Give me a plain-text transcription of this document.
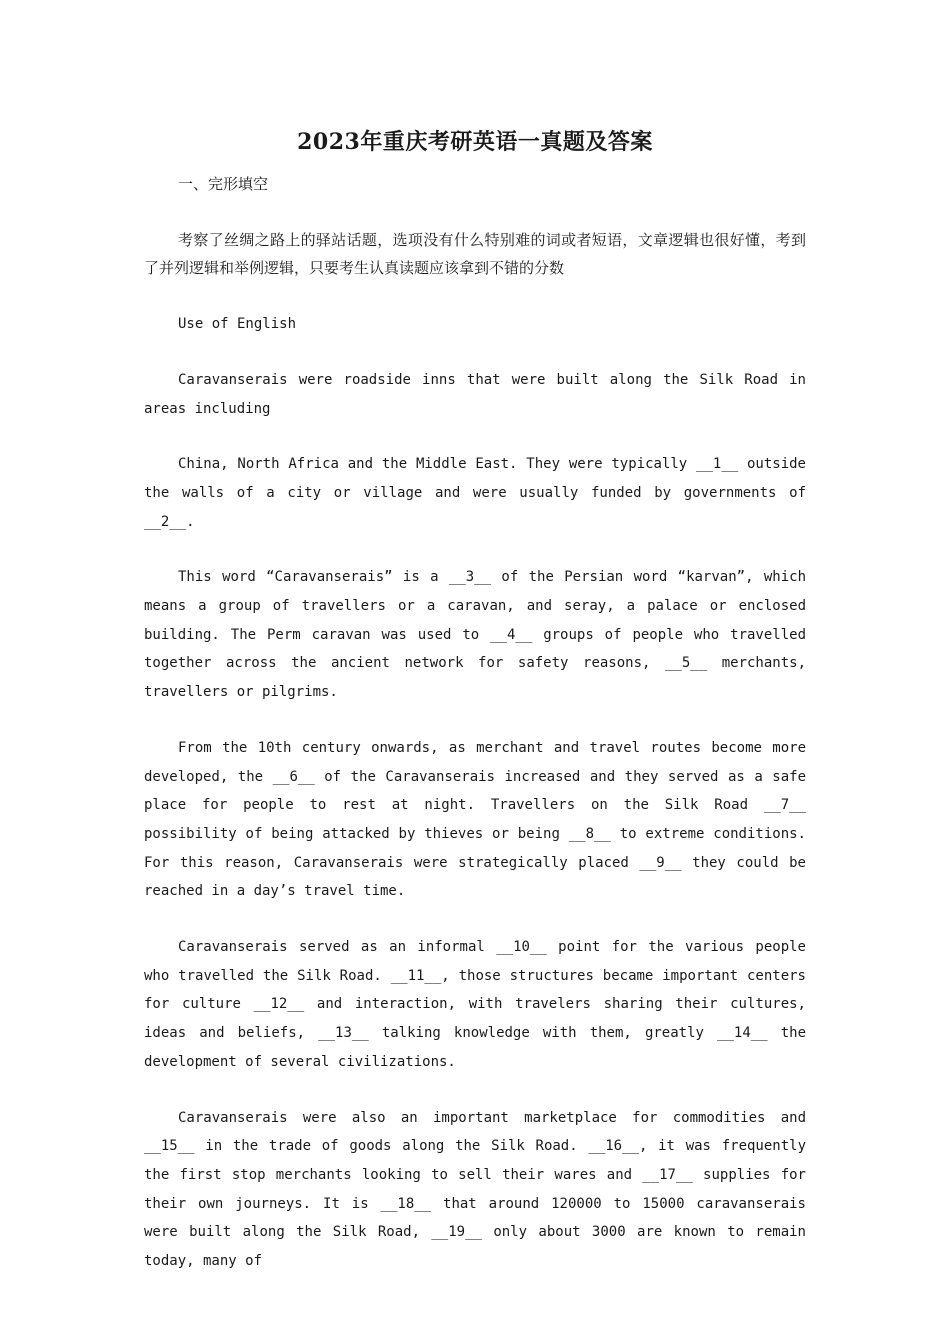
2023年重庆考研英语一真题及答案

一、完形填空

考察了丝绸之路上的驿站话题，选项没有什么特别难的词或者短语，文章逻辑也很好懂，考到了并列逻辑和举例逻辑，只要考生认真读题应该拿到不错的分数

Use of English

Caravanserais were roadside inns that were built along the Silk Road in areas including

China, North Africa and the Middle East. They were typically __1__ outside the walls of a city or village and were usually funded by governments of __2__.

This word “Caravanserais” is a __3__ of the Persian word “karvan”, which means a group of travellers or a caravan, and seray, a palace or enclosed building. The Perm caravan was used to __4__ groups of people who travelled together across the ancient network for safety reasons, __5__ merchants, travellers or pilgrims.

From the 10th century onwards, as merchant and travel routes become more developed, the __6__ of the Caravanserais increased and they served as a safe place for people to rest at night. Travellers on the Silk Road __7__ possibility of being attacked by thieves or being __8__ to extreme conditions. For this reason, Caravanserais were strategically placed __9__ they could be reached in a day’s travel time.

Caravanserais served as an informal __10__ point for the various people who travelled the Silk Road. __11__, those structures became important centers for culture __12__ and interaction, with travelers sharing their cultures, ideas and beliefs, __13__ talking knowledge with them, greatly __14__ the development of several civilizations.

Caravanserais were also an important marketplace for commodities and __15__ in the trade of goods along the Silk Road. __16__, it was frequently the first stop merchants looking to sell their wares and __17__ supplies for their own journeys. It is __18__ that around 120000 to 15000 caravanserais were built along the Silk Road, __19__ only about 3000 are known to remain today, many of
